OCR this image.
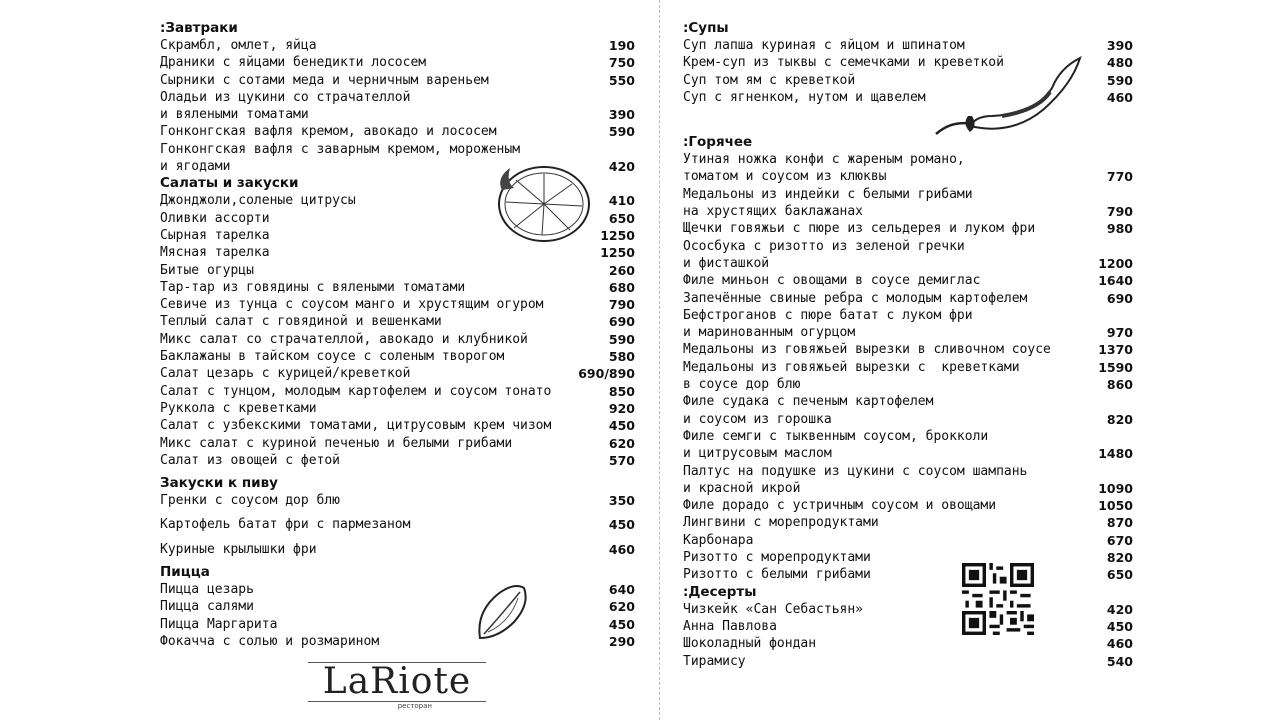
:Завтраки
Скрамбл, омлет, яйца	190
Драники с яйцами бенедикти лососем	750
Сырники с сотами меда и черничным вареньем	550
Оладьи из цукини со страчателлой
и вялеными томатами	390
Гонконгская вафля кремом, авокадо и лососем	590
Гонконгская вафля с заварным кремом, мороженым
и ягодами	420
Салаты и закуски
Джонджоли,соленые цитрусы	410
Оливки ассорти	650
Сырная тарелка	1250
Мясная тарелка	1250
Битые огурцы	260
Тар-тар из говядины с вялеными томатами	680
Севиче из тунца с соусом манго и хрустящим огуром	790
Теплый салат с говядиной и вешенками	690
Микс салат со страчателлой, авокадо и клубникой	590
Баклажаны в тайском соусе с соленым творогом	580
Салат цезарь с курицей/креветкой	690/890
Салат с тунцом, молодым картофелем и соусом тонато	850
Руккола с креветками	920
Салат с узбекскими томатами, цитрусовым крем чизом	450
Микс салат с куриной печенью и белыми грибами	620
Салат из овощей с фетой	570
Закуски к пиву
Гренки с соусом дор блю	350
Картофель батат фри с пармезаном	450
Куриные крылышки фри	460
Пицца
Пицца цезарь	640
Пицца салями	620
Пицца Маргарита	450
Фокачча с солью и розмарином	290
:Супы
Суп лапша куриная с яйцом и шпинатом	390
Крем-суп из тыквы с семечками и креветкой	480
Суп том ям с креветкой	590
Суп с ягненком, нутом и щавелем	460
:Горячее
Утиная ножка конфи с жареным романо,
томатом и соусом из клюквы	770
Медальоны из индейки с белыми грибами
на хрустящих баклажанах	790
Щечки говяжьи с пюре из сельдерея и луком фри	980
Ососбука с ризотто из зеленой гречки
и фисташкой	1200
Филе миньон с овощами в соусе демиглас	1640
Запечённые свиные ребра с молодым картофелем	690
Бефстроганов с пюре батат с луком фри
и маринованным огурцом	970
Медальоны из говяжьей вырезки в сливочном соусе	1370
Медальоны из говяжьей вырезки с  креветками	1590
в соусе дор блю	860
Филе судака с печеным картофелем
и соусом из горошка	820
Филе семги с тыквенным соусом, брокколи
и цитрусовым маслом	1480
Палтус на подушке из цукини с соусом шампань
и красной икрой	1090
Филе дорадо с устричным соусом и овощами	1050
Лингвини с морепродуктами	870
Карбонара	670
Ризотто с морепродуктами	820
Ризотто с белыми грибами	650
:Десерты
Чизкейк «Сан Себастьян»	420
Анна Павлова	450
Шоколадный фондан	460
Тирамису	540
LaRiote
ресторан
